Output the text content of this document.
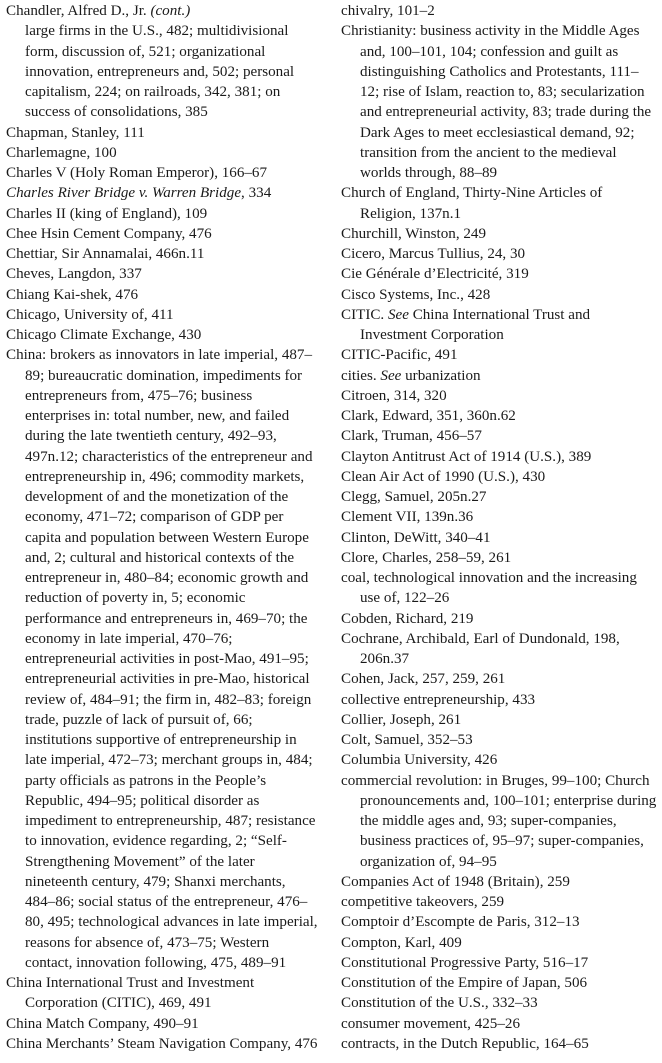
Chandler, Alfred D., Jr. (cont.)

large firms in the U.S., 482; multidivisional form, discussion of, 521; organizational innovation, entrepreneurs and, 502; personal capitalism, 224; on railroads, 342, 381; on success of consolidations, 385

Chapman, Stanley, 111

Charlemagne, 100

Charles V (Holy Roman Emperor), 166–67

Charles River Bridge v. Warren Bridge, 334

Charles II (king of England), 109

Chee Hsin Cement Company, 476

Chettiar, Sir Annamalai, 466n.11

Cheves, Langdon, 337

Chiang Kai-shek, 476

Chicago, University of, 411

Chicago Climate Exchange, 430

China: brokers as innovators in late imperial, 487–89; bureaucratic domination, impediments for entrepreneurs from, 475–76; business enterprises in: total number, new, and failed during the late twentieth century, 492–93, 497n.12; characteristics of the entrepreneur and entrepreneurship in, 496; commodity markets, development of and the monetization of the economy, 471–72; comparison of GDP per capita and population between Western Europe and, 2; cultural and historical contexts of the entrepreneur in, 480–84; economic growth and reduction of poverty in, 5; economic performance and entrepreneurs in, 469–70; the economy in late imperial, 470–76; entrepreneurial activities in post-Mao, 491–95; entrepreneurial activities in pre-Mao, historical review of, 484–91; the firm in, 482–83; foreign trade, puzzle of lack of pursuit of, 66; institutions supportive of entrepreneurship in late imperial, 472–73; merchant groups in, 484; party officials as patrons in the People’s Republic, 494–95; political disorder as impediment to entrepreneurship, 487; resistance to innovation, evidence regarding, 2; “Self-Strengthening Movement” of the later nineteenth century, 479; Shanxi merchants, 484–86; social status of the entrepreneur, 476–80, 495; technological advances in late imperial, reasons for absence of, 473–75; Western contact, innovation following, 475, 489–91

China International Trust and Investment Corporation (CITIC), 469, 491

China Match Company, 490–91

China Merchants’ Steam Navigation Company, 476

chivalry, 101–2

Christianity: business activity in the Middle Ages and, 100–101, 104; confession and guilt as distinguishing Catholics and Protestants, 111–12; rise of Islam, reaction to, 83; secularization and entrepreneurial activity, 83; trade during the Dark Ages to meet ecclesiastical demand, 92; transition from the ancient to the medieval worlds through, 88–89

Church of England, Thirty-Nine Articles of Religion, 137n.1

Churchill, Winston, 249

Cicero, Marcus Tullius, 24, 30

Cie Générale d’Electricité, 319

Cisco Systems, Inc., 428

CITIC. See China International Trust and Investment Corporation

CITIC-Pacific, 491

cities. See urbanization

Citroen, 314, 320

Clark, Edward, 351, 360n.62

Clark, Truman, 456–57

Clayton Antitrust Act of 1914 (U.S.), 389

Clean Air Act of 1990 (U.S.), 430

Clegg, Samuel, 205n.27

Clement VII, 139n.36

Clinton, DeWitt, 340–41

Clore, Charles, 258–59, 261

coal, technological innovation and the increasing use of, 122–26

Cobden, Richard, 219

Cochrane, Archibald, Earl of Dundonald, 198, 206n.37

Cohen, Jack, 257, 259, 261

collective entrepreneurship, 433

Collier, Joseph, 261

Colt, Samuel, 352–53

Columbia University, 426

commercial revolution: in Bruges, 99–100; Church pronouncements and, 100–101; enterprise during the middle ages and, 93; super-companies, business practices of, 95–97; super-companies, organization of, 94–95

Companies Act of 1948 (Britain), 259

competitive takeovers, 259

Comptoir d’Escompte de Paris, 312–13

Compton, Karl, 409

Constitutional Progressive Party, 516–17

Constitution of the Empire of Japan, 506

Constitution of the U.S., 332–33

consumer movement, 425–26

contracts, in the Dutch Republic, 164–65
